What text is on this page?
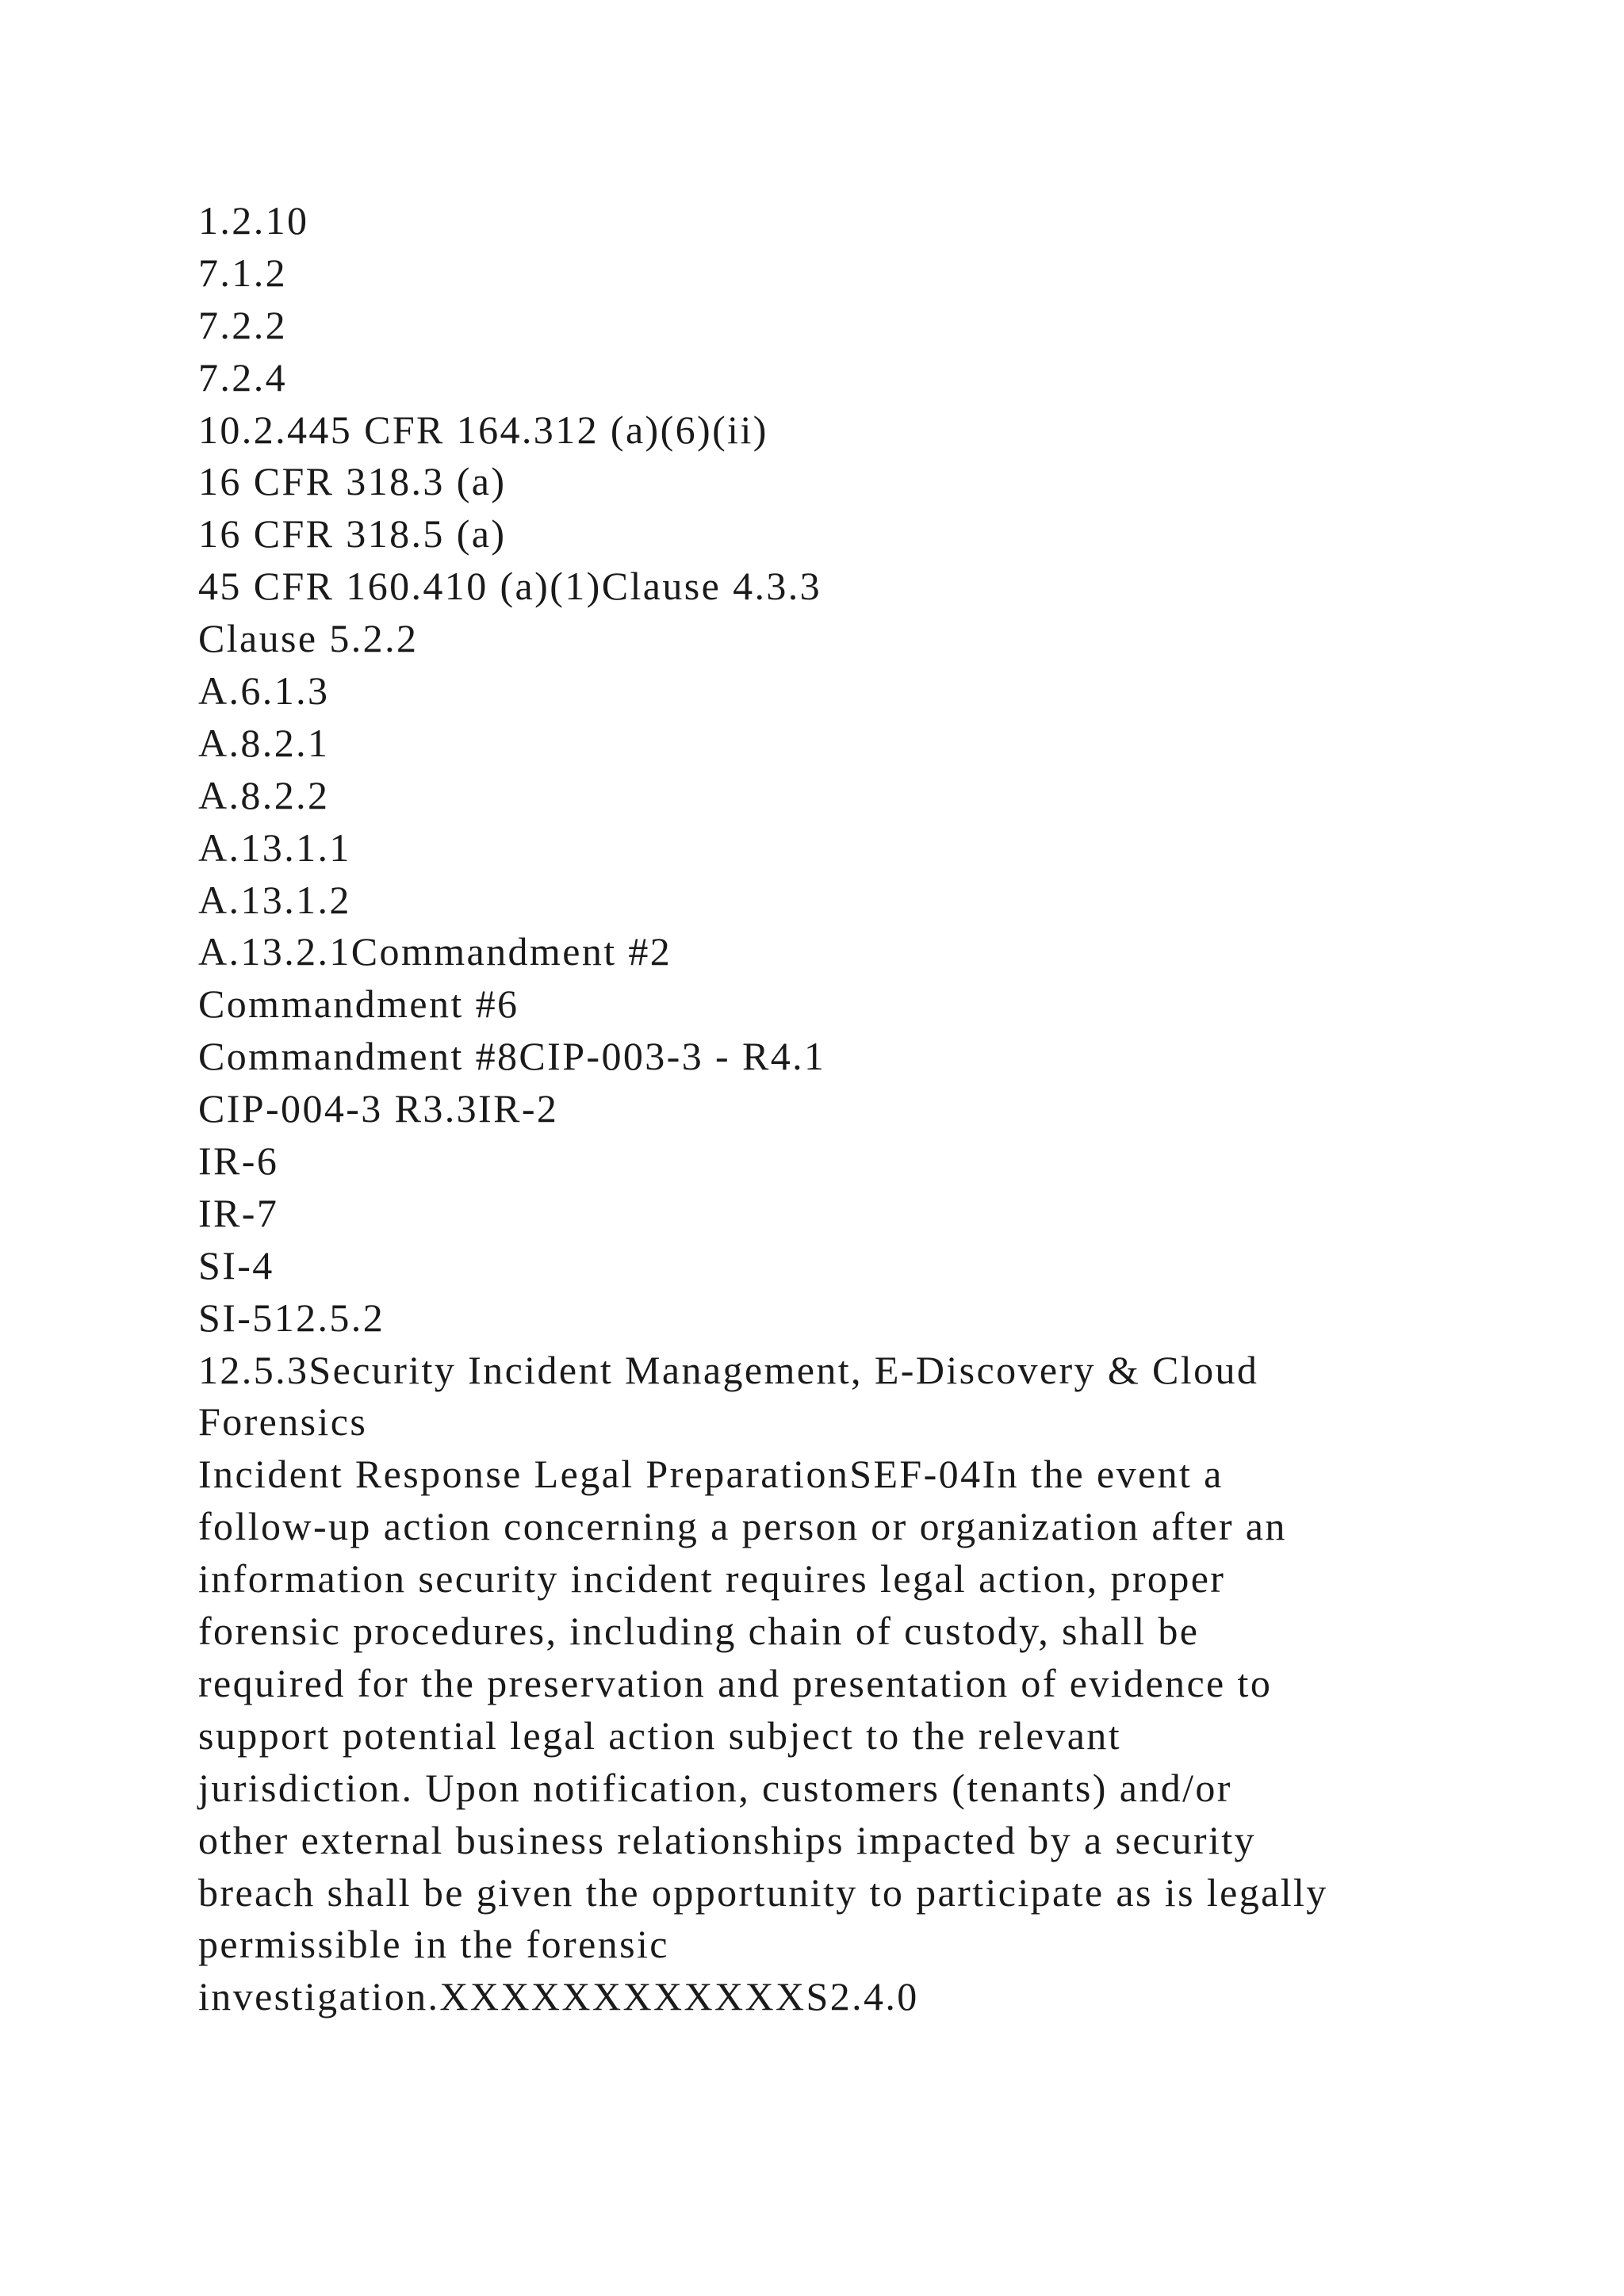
1.2.10
7.1.2
7.2.2
7.2.4
10.2.445 CFR 164.312 (a)(6)(ii)
16 CFR 318.3 (a)
16 CFR 318.5 (a)
45 CFR 160.410 (a)(1)Clause 4.3.3
Clause 5.2.2
A.6.1.3
A.8.2.1
A.8.2.2
A.13.1.1
A.13.1.2
A.13.2.1Commandment #2
Commandment #6
Commandment #8CIP-003-3 - R4.1
CIP-004-3 R3.3IR-2
IR-6
IR-7
SI-4
SI-512.5.2
12.5.3Security Incident Management, E-Discovery & Cloud
Forensics
Incident Response Legal PreparationSEF-04In the event a
follow-up action concerning a person or organization after an
information security incident requires legal action, proper
forensic procedures, including chain of custody, shall be
required for the preservation and presentation of evidence to
support potential legal action subject to the relevant
jurisdiction. Upon notification, customers (tenants) and/or
other external business relationships impacted by a security
breach shall be given the opportunity to participate as is legally
permissible in the forensic
investigation.XXXXXXXXXXXXS2.4.0
